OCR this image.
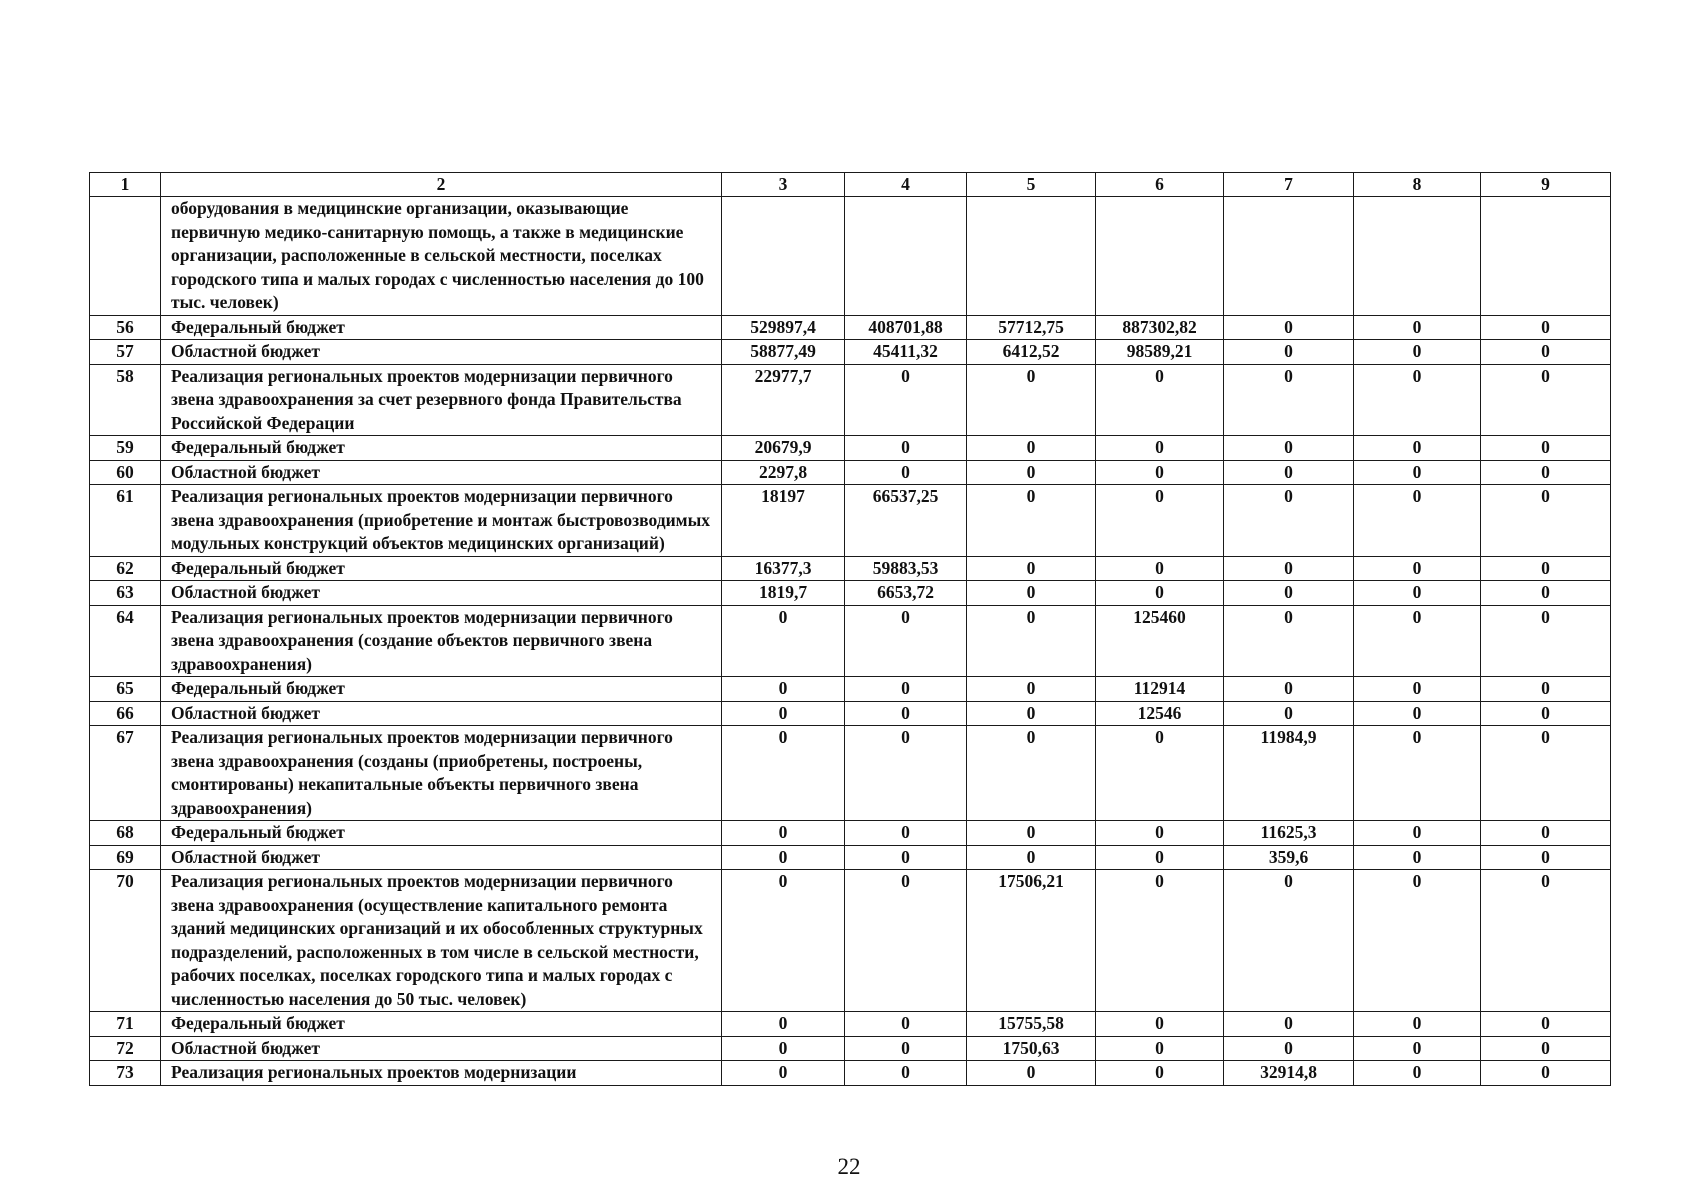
1	2	3	4	5	6	7	8	9
	оборудования в медицинские организации, оказывающие первичную медико-санитарную помощь, а также в медицинские организации, расположенные в сельской местности, поселках городского типа и малых городах с численностью населения до 100 тыс. человек)							
56	Федеральный бюджет	529897,4	408701,88	57712,75	887302,82	0	0	0
57	Областной бюджет	58877,49	45411,32	6412,52	98589,21	0	0	0
58	Реализация региональных проектов модернизации первичного звена здравоохранения за счет резервного фонда Правительства Российской Федерации	22977,7	0	0	0	0	0	0
59	Федеральный бюджет	20679,9	0	0	0	0	0	0
60	Областной бюджет	2297,8	0	0	0	0	0	0
61	Реализация региональных проектов модернизации первичного звена здравоохранения (приобретение и монтаж быстровозводимых модульных конструкций объектов медицинских организаций)	18197	66537,25	0	0	0	0	0
62	Федеральный бюджет	16377,3	59883,53	0	0	0	0	0
63	Областной бюджет	1819,7	6653,72	0	0	0	0	0
64	Реализация региональных проектов модернизации первичного звена здравоохранения (создание объектов первичного звена здравоохранения)	0	0	0	125460	0	0	0
65	Федеральный бюджет	0	0	0	112914	0	0	0
66	Областной бюджет	0	0	0	12546	0	0	0
67	Реализация региональных проектов модернизации первичного звена здравоохранения (созданы (приобретены, построены, смонтированы) некапитальные объекты первичного звена здравоохранения)	0	0	0	0	11984,9	0	0
68	Федеральный бюджет	0	0	0	0	11625,3	0	0
69	Областной бюджет	0	0	0	0	359,6	0	0
70	Реализация региональных проектов модернизации первичного звена здравоохранения (осуществление капитального ремонта зданий медицинских организаций и их обособленных структурных подразделений, расположенных в том числе в сельской местности, рабочих поселках, поселках городского типа и малых городах с численностью населения до 50 тыс. человек)	0	0	17506,21	0	0	0	0
71	Федеральный бюджет	0	0	15755,58	0	0	0	0
72	Областной бюджет	0	0	1750,63	0	0	0	0
73	Реализация региональных проектов модернизации	0	0	0	0	32914,8	0	0
22
